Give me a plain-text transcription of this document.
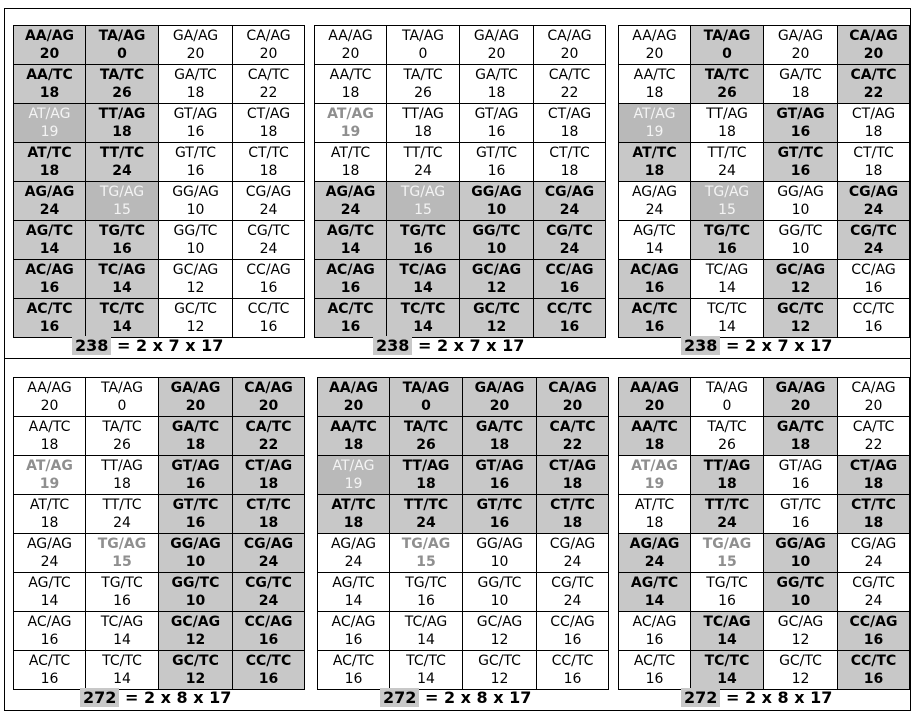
AA/AG
20	TA/AG
0	GA/AG
20	CA/AG
20

AA/TC
18	TA/TC
26	GA/TC
18	CA/TC
22

AT/AG
19	TT/AG
18	GT/AG
16	CT/AG
18

AT/TC
18	TT/TC
24	GT/TC
16	CT/TC
18

AG/AG
24	TG/AG
15	GG/AG
10	CG/AG
24

AG/TC
14	TG/TC
16	GG/TC
10	CG/TC
24

AC/AG
16	TC/AG
14	GC/AG
12	CC/AG
16

AC/TC
16	TC/TC
14	GC/TC
12	CC/TC
16
238 = 2 x 7 x 17
AA/AG
20	TA/AG
0	GA/AG
20	CA/AG
20

AA/TC
18	TA/TC
26	GA/TC
18	CA/TC
22

AT/AG
19	TT/AG
18	GT/AG
16	CT/AG
18

AT/TC
18	TT/TC
24	GT/TC
16	CT/TC
18

AG/AG
24	TG/AG
15	GG/AG
10	CG/AG
24

AG/TC
14	TG/TC
16	GG/TC
10	CG/TC
24

AC/AG
16	TC/AG
14	GC/AG
12	CC/AG
16

AC/TC
16	TC/TC
14	GC/TC
12	CC/TC
16
238 = 2 x 7 x 17
AA/AG
20	TA/AG
0	GA/AG
20	CA/AG
20

AA/TC
18	TA/TC
26	GA/TC
18	CA/TC
22

AT/AG
19	TT/AG
18	GT/AG
16	CT/AG
18

AT/TC
18	TT/TC
24	GT/TC
16	CT/TC
18

AG/AG
24	TG/AG
15	GG/AG
10	CG/AG
24

AG/TC
14	TG/TC
16	GG/TC
10	CG/TC
24

AC/AG
16	TC/AG
14	GC/AG
12	CC/AG
16

AC/TC
16	TC/TC
14	GC/TC
12	CC/TC
16
238 = 2 x 7 x 17
AA/AG
20	TA/AG
0	GA/AG
20	CA/AG
20

AA/TC
18	TA/TC
26	GA/TC
18	CA/TC
22

AT/AG
19	TT/AG
18	GT/AG
16	CT/AG
18

AT/TC
18	TT/TC
24	GT/TC
16	CT/TC
18

AG/AG
24	TG/AG
15	GG/AG
10	CG/AG
24

AG/TC
14	TG/TC
16	GG/TC
10	CG/TC
24

AC/AG
16	TC/AG
14	GC/AG
12	CC/AG
16

AC/TC
16	TC/TC
14	GC/TC
12	CC/TC
16
272 = 2 x 8 x 17
AA/AG
20	TA/AG
0	GA/AG
20	CA/AG
20

AA/TC
18	TA/TC
26	GA/TC
18	CA/TC
22

AT/AG
19	TT/AG
18	GT/AG
16	CT/AG
18

AT/TC
18	TT/TC
24	GT/TC
16	CT/TC
18

AG/AG
24	TG/AG
15	GG/AG
10	CG/AG
24

AG/TC
14	TG/TC
16	GG/TC
10	CG/TC
24

AC/AG
16	TC/AG
14	GC/AG
12	CC/AG
16

AC/TC
16	TC/TC
14	GC/TC
12	CC/TC
16
272 = 2 x 8 x 17
AA/AG
20	TA/AG
0	GA/AG
20	CA/AG
20

AA/TC
18	TA/TC
26	GA/TC
18	CA/TC
22

AT/AG
19	TT/AG
18	GT/AG
16	CT/AG
18

AT/TC
18	TT/TC
24	GT/TC
16	CT/TC
18

AG/AG
24	TG/AG
15	GG/AG
10	CG/AG
24

AG/TC
14	TG/TC
16	GG/TC
10	CG/TC
24

AC/AG
16	TC/AG
14	GC/AG
12	CC/AG
16

AC/TC
16	TC/TC
14	GC/TC
12	CC/TC
16
272 = 2 x 8 x 17
